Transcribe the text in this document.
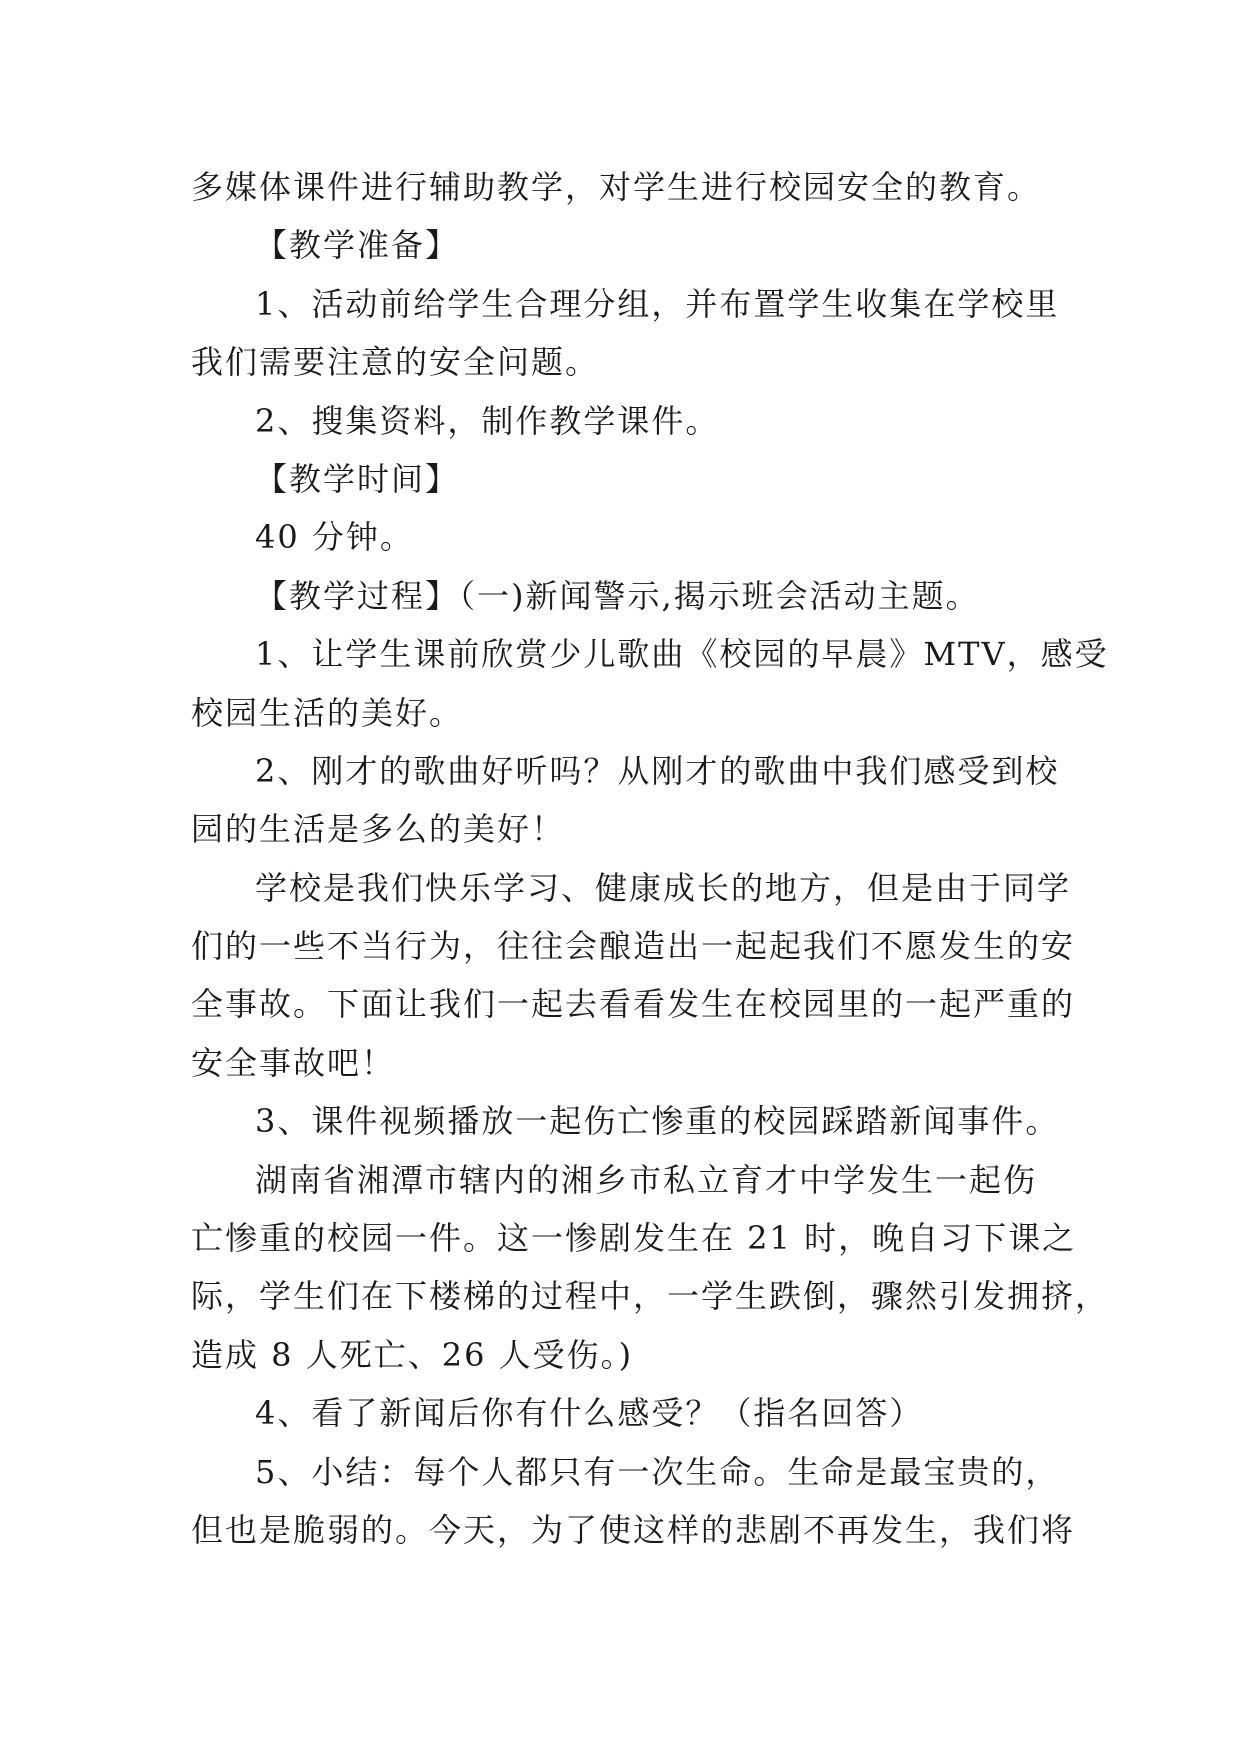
多媒体课件进行辅助教学，对学生进行校园安全的教育。
【教学准备】
1、活动前给学生合理分组，并布置学生收集在学校里
我们需要注意的安全问题。
2、搜集资料，制作教学课件。
【教学时间】
40 分钟。
【教学过程】（一)新闻警示,揭示班会活动主题。
1、让学生课前欣赏少儿歌曲《校园的早晨》MTV，感受
校园生活的美好。
2、刚才的歌曲好听吗？从刚才的歌曲中我们感受到校
园的生活是多么的美好！
学校是我们快乐学习、健康成长的地方，但是由于同学
们的一些不当行为，往往会酿造出一起起我们不愿发生的安
全事故。下面让我们一起去看看发生在校园里的一起严重的
安全事故吧！
3、课件视频播放一起伤亡惨重的校园踩踏新闻事件。
湖南省湘潭市辖内的湘乡市私立育才中学发生一起伤
亡惨重的校园一件。这一惨剧发生在 21 时，晚自习下课之
际，学生们在下楼梯的过程中，一学生跌倒，骤然引发拥挤，
造成 8 人死亡、26 人受伤。)
4、看了新闻后你有什么感受？（指名回答）
5、小结：每个人都只有一次生命。生命是最宝贵的，
但也是脆弱的。今天，为了使这样的悲剧不再发生，我们将
